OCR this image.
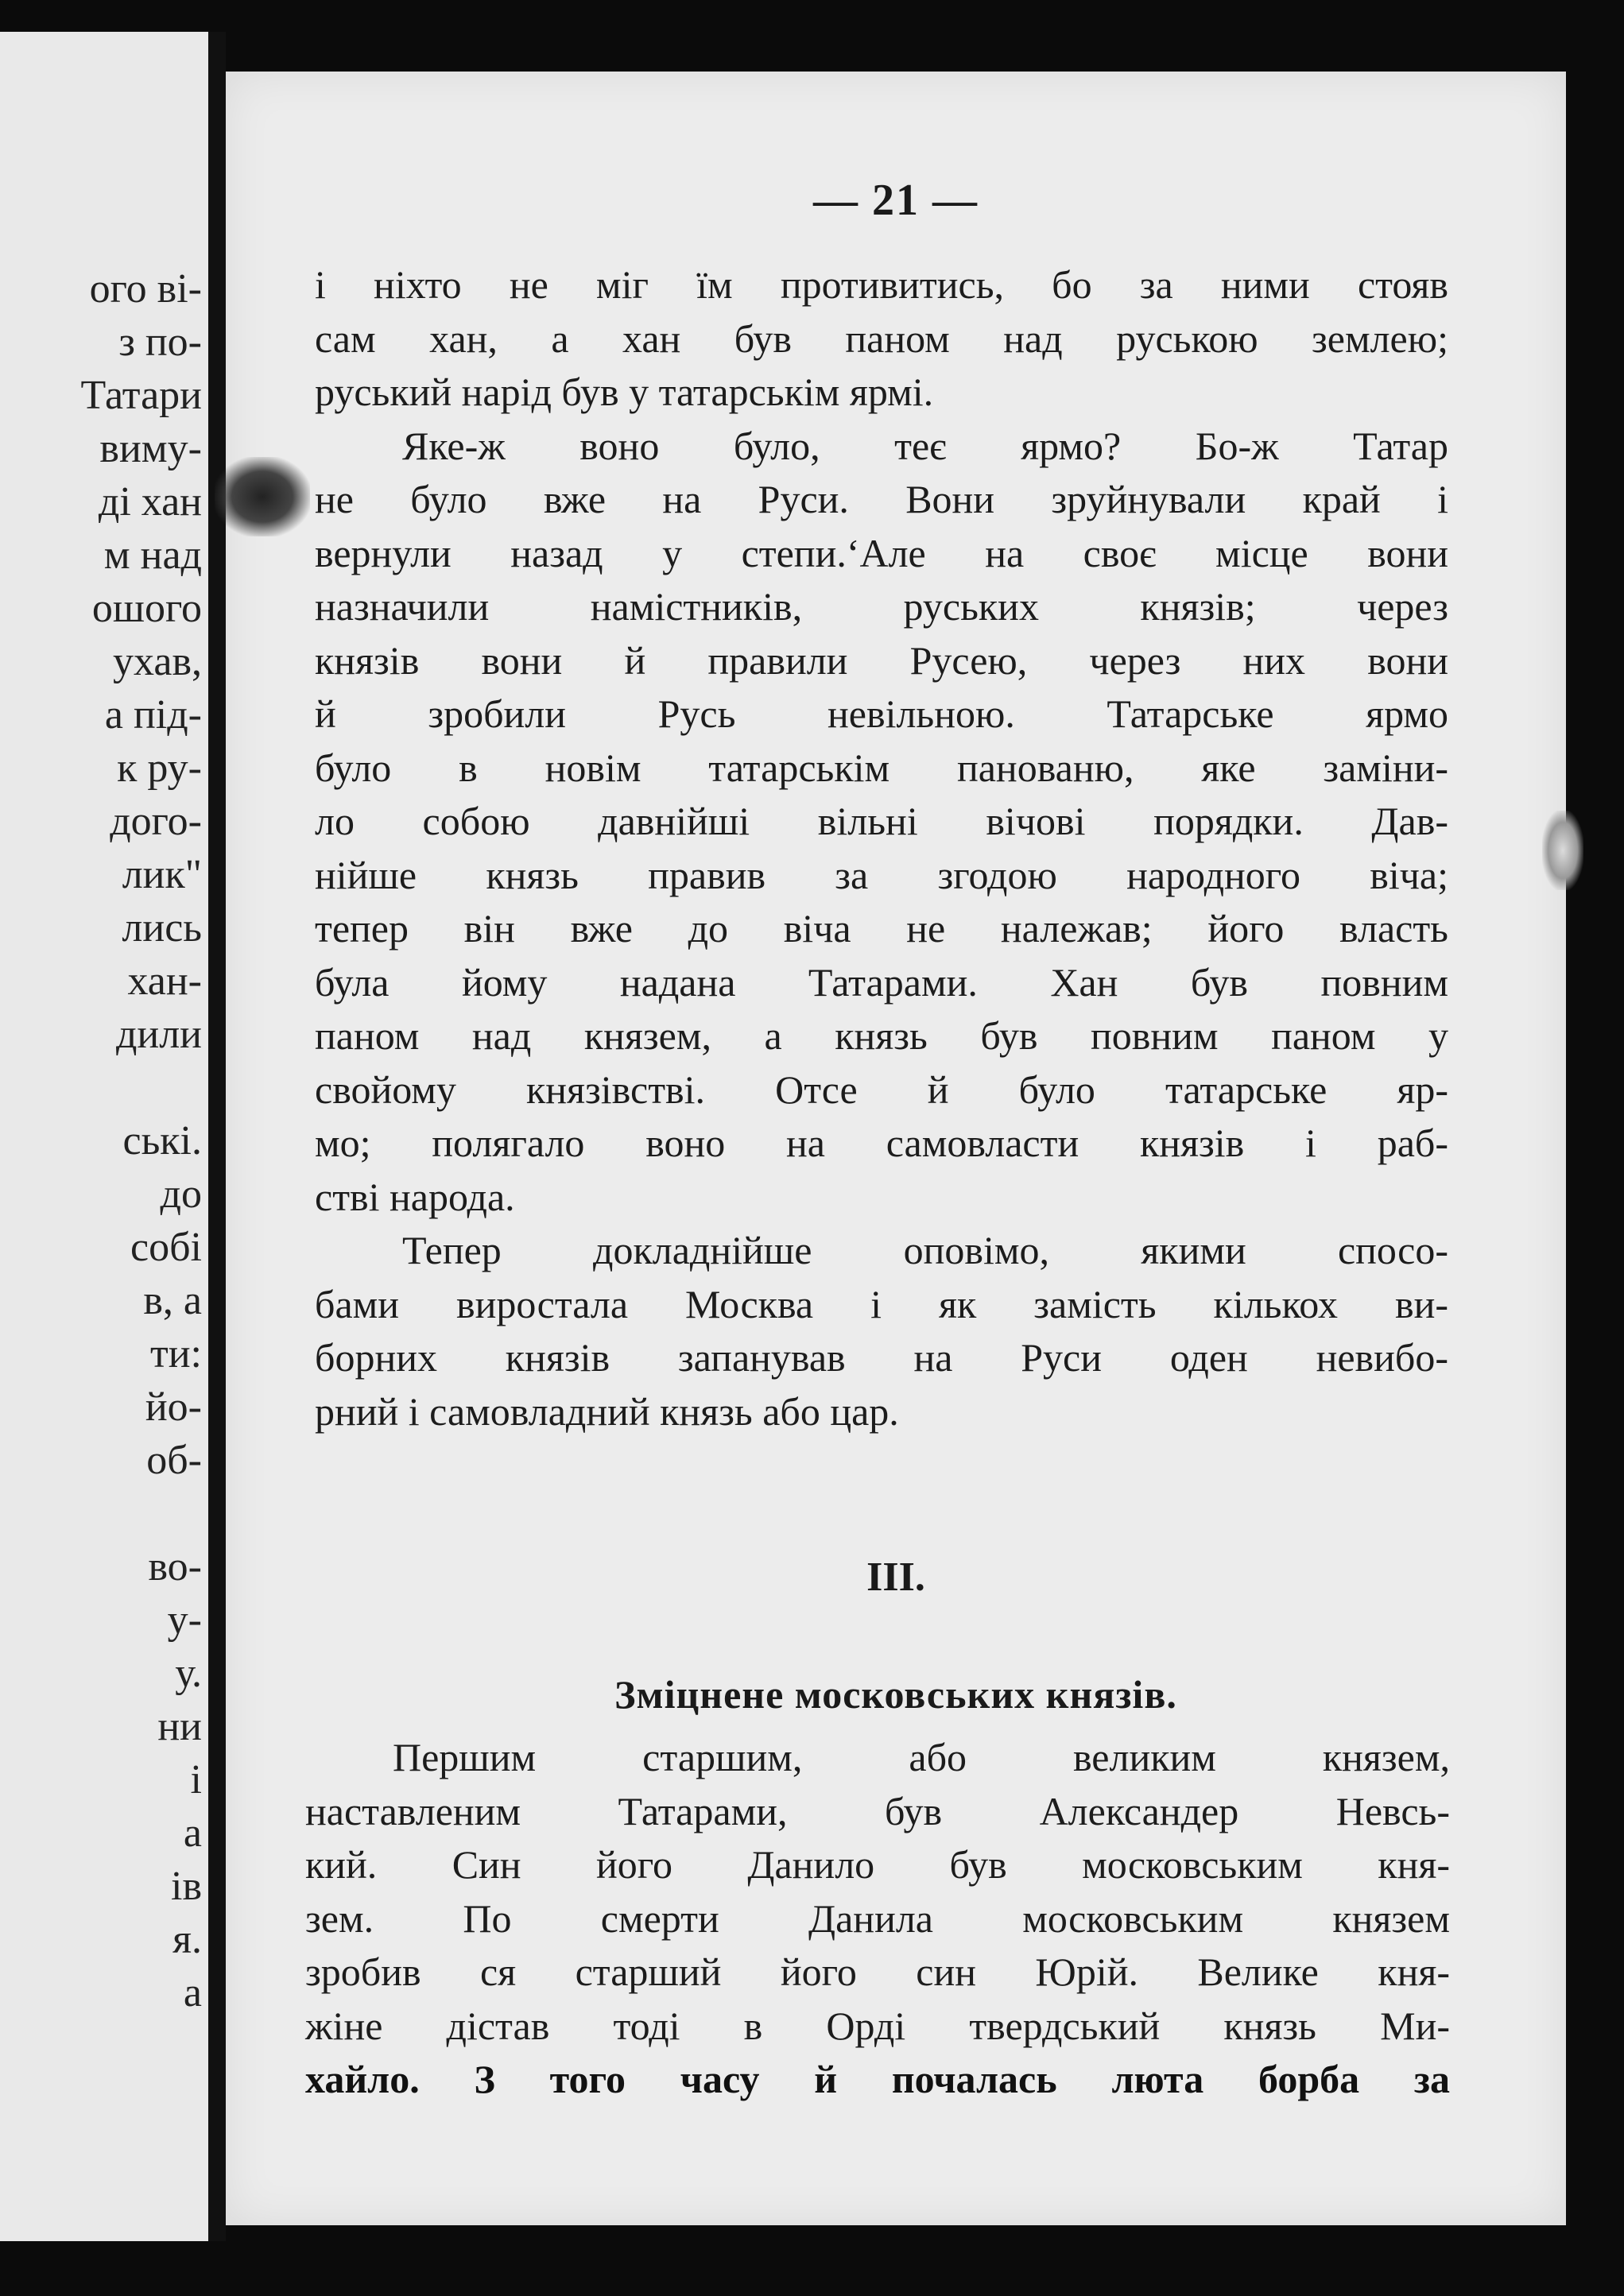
ого ві-
з по-
Татари
виму-
ді хан
м над
ошого
ухав,
а під-
к ру-
дого-
лик"
лись
хан-
дили

ські.
до
собі
в, а
ти:
йо-
об-

во-
у-
у.
ни
і
а
ів
я.
а
— 21 —
і ніхто не міг їм противитись, бо за ними стояв
сам хан, а хан був паном над руською землею;
руський нарід був у татарськім ярмі.
Яке-ж воно було, теє ярмо? Бо-ж Татар
не було вже на Руси. Вони зруйнували край і
вернули назад у степи.‘Але на своє місце вони
назначили намістників, руських князів; через
князів вони й правили Русею, через них вони
й зробили Русь невільною. Татарське ярмо
було в новім татарськім панованю, яке заміни-
ло собою давнійші вільні вічові порядки. Дав-
нійше князь правив за згодою народного віча;
тепер він вже до віча не належав; його власть
була йому надана Татарами. Хан був повним
паном над князем, а князь був повним паном у
свойому князівстві. Отсе й було татарське яр-
мо; полягало воно на самовласти князів і раб-
стві народа.
Тепер докладнійше оповімо, якими спосо-
бами виростала Москва і як замість кількох ви-
борних князів запанував на Руси оден невибо-
рний і самовладний князь або цар.
III.
Зміцнене московських князів.
Першим старшим, або великим князем,
наставленим Татарами, був Александер Невсь-
кий. Син його Данило був московським кня-
зем. По смерти Данила московським князем
зробив ся старший його син Юрій. Велике кня-
жіне дістав тоді в Орді твердський князь Ми-
хайло. З того часу й почалась люта борба за
